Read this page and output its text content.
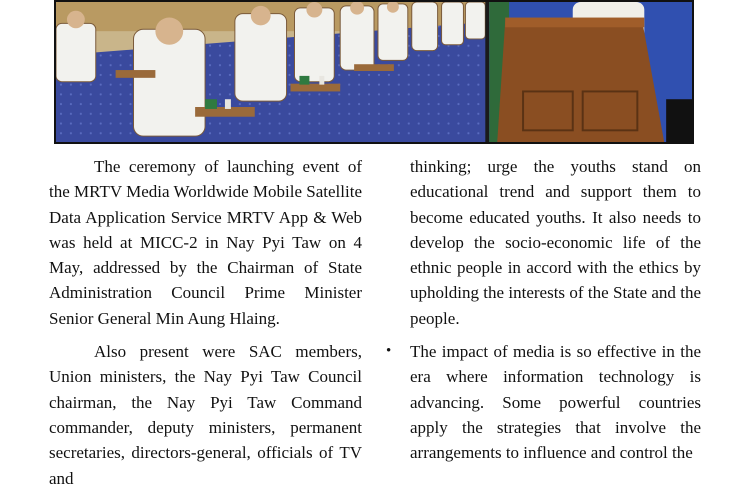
The ceremony of launching event of the MRTV Media Worldwide Mobile Satellite Data Application Service MRTV App & Web was held at MICC-2 in Nay Pyi Taw on 4 May, addressed by the Chairman of State Administration Council Prime Minister Senior General Min Aung Hlaing.

Also present were SAC members, Union ministers, the Nay Pyi Taw Council chairman, the Nay Pyi Taw Command commander, deputy ministers, permanent secretaries, directors-general, officials of TV and

thinking; urge the youths stand on educational trend and support them to become educated youths. It also needs to develop the socio-economic life of the ethnic people in accord with the ethics by upholding the interests of the State and the people.

• The impact of media is so effective in the era where information technology is advancing. Some powerful countries apply the strategies that involve the arrangements to influence and control the
